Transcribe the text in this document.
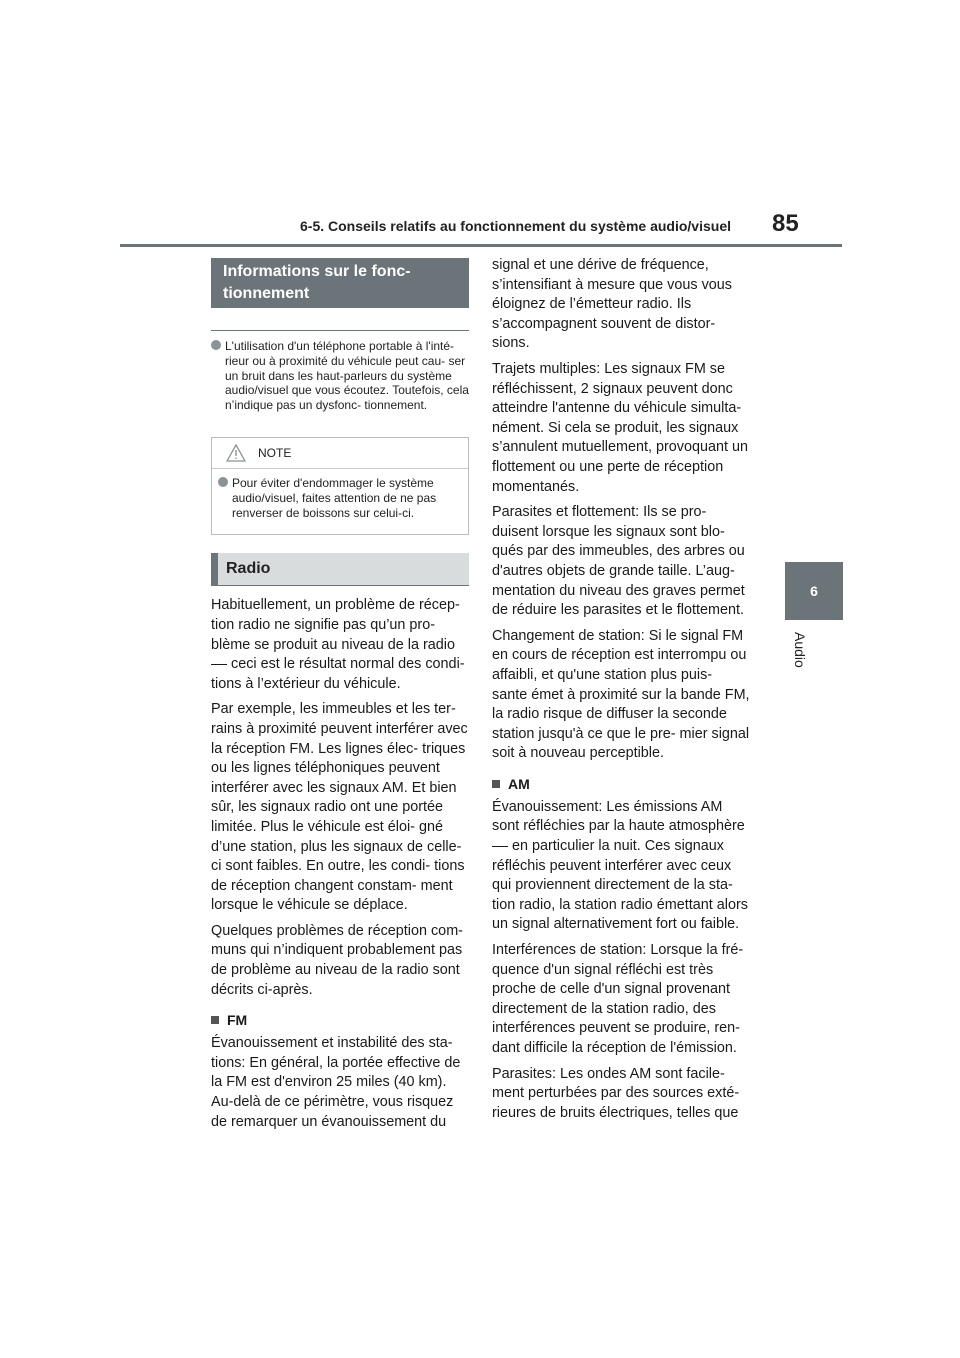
6-5. Conseils relatifs au fonctionnement du système audio/visuel 85
6
Audio
Informations sur le fonc- tionnement
L'utilisation d'un téléphone portable à l'inté- rieur ou à proximité du véhicule peut cau- ser un bruit dans les haut-parleurs du système audio/visuel que vous écoutez. Toutefois, cela n’indique pas un dysfonc- tionnement.
NOTE
Pour éviter d'endommager le système audio/visuel, faites attention de ne pas renverser de boissons sur celui-ci.
Radio

Habituellement, un problème de récep- tion radio ne signifie pas qu’un pro- blème se produit au niveau de la radio ceci est le résultat normal des condi- tions à l’extérieur du véhicule.

Par exemple, les immeubles et les ter- rains à proximité peuvent interférer avec la réception FM. Les lignes élec- triques ou les lignes téléphoniques peuvent interférer avec les signaux AM. Et bien sûr, les signaux radio ont une portée limitée. Plus le véhicule est éloi- gné d’une station, plus les signaux de celle-ci sont faibles. En outre, les condi- tions de réception changent constam- ment lorsque le véhicule se déplace.

Quelques problèmes de réception com- muns qui n’indiquent probablement pas de problème au niveau de la radio sont décrits ci-après.

FM

Évanouissement et instabilité des sta- tions: En général, la portée effective de la FM est d'environ 25 miles (40 km). Au-delà de ce périmètre, vous risquez de remarquer un évanouissement du

signal et une dérive de fréquence, s’intensifiant à mesure que vous vous éloignez de l’émetteur radio. Ils s’accompagnent souvent de distor- sions.

Trajets multiples: Les signaux FM se réfléchissent, 2 signaux peuvent donc atteindre l'antenne du véhicule simulta- nément. Si cela se produit, les signaux s’annulent mutuellement, provoquant un flottement ou une perte de réception momentanés.

Parasites et flottement: Ils se pro- duisent lorsque les signaux sont blo- qués par des immeubles, des arbres ou d'autres objets de grande taille. L’aug- mentation du niveau des graves permet de réduire les parasites et le flottement.

Changement de station: Si le signal FM en cours de réception est interrompu ou affaibli, et qu'une station plus puis- sante émet à proximité sur la bande FM, la radio risque de diffuser la seconde station jusqu'à ce que le pre- mier signal soit à nouveau perceptible.

AM

Évanouissement: Les émissions AM sont réfléchies par la haute atmosphère en particulier la nuit. Ces signaux réfléchis peuvent interférer avec ceux qui proviennent directement de la sta- tion radio, la station radio émettant alors un signal alternativement fort ou faible.

Interférences de station: Lorsque la fré- quence d'un signal réfléchi est très proche de celle d'un signal provenant directement de la station radio, des interférences peuvent se produire, ren- dant difficile la réception de l'émission.

Parasites: Les ondes AM sont facile- ment perturbées par des sources exté- rieures de bruits électriques, telles que
